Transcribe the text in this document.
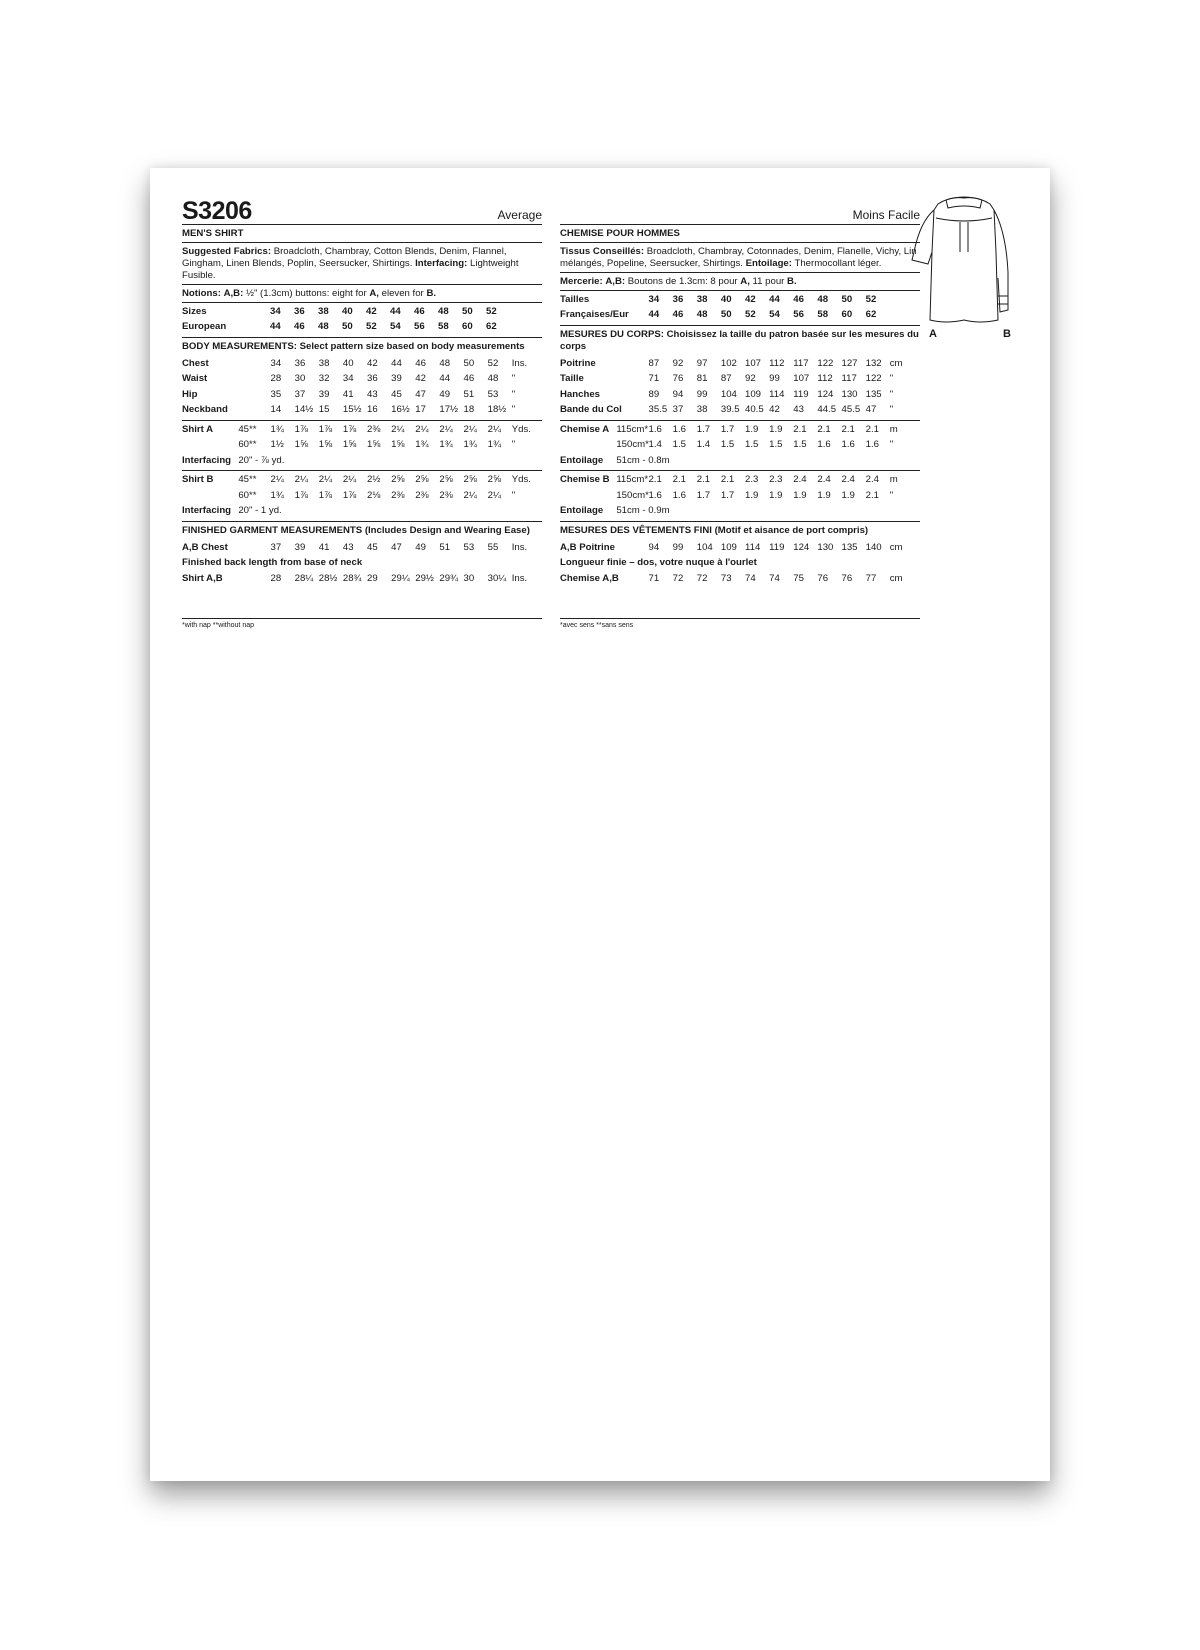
S3206	Average
MEN'S SHIRT
Suggested Fabrics: Broadcloth, Chambray, Cotton Blends, Denim, Flannel, Gingham, Linen Blends, Poplin, Seersucker, Shirtings. Interfacing: Lightweight Fusible.
Notions: A,B: ½" (1.3cm) buttons: eight for A, eleven for B.
Sizes		34	36	38	40	42	44	46	48	50	52	
European		44	46	48	50	52	54	56	58	60	62	
BODY MEASUREMENTS: Select pattern size based on body measurements
Chest		34	36	38	40	42	44	46	48	50	52	Ins.
Waist		28	30	32	34	36	39	42	44	46	48	"
Hip		35	37	39	41	43	45	47	49	51	53	"
Neckband		14	14½	15	15½	16	16½	17	17½	18	18½	"
Shirt A	45**	1¾	1⅞	1⅞	1⅞	2⅜	2¼	2¼	2¼	2¼	2¼	Yds.
	60**	1½	1⅝	1⅝	1⅝	1⅝	1⅝	1¾	1¾	1¾	1¾	"
Interfacing	20" - ⅞ yd.											
Shirt B	45**	2¼	2¼	2¼	2¼	2½	2⅝	2⅝	2⅝	2⅝	2⅝	Yds.
	60**	1¾	1⅞	1⅞	1⅞	2⅛	2⅜	2⅜	2⅜	2¼	2¼	"
Interfacing	20" - 1 yd.											
FINISHED GARMENT MEASUREMENTS (Includes Design and Wearing Ease)
A,B Chest		37	39	41	43	45	47	49	51	53	55	Ins.
Finished back length from base of neck												
Shirt A,B		28	28¼	28½	28¾	29	29¼	29½	29¾	30	30¼	Ins.
*with nap **without nap
Moins Facile
CHEMISE POUR HOMMES
Tissus Conseillés: Broadcloth, Chambray, Cotonnades, Denim, Flanelle, Vichy, Lin mélangés, Popeline, Seersucker, Shirtings. Entoilage: Thermocollant léger.
Mercerie: A,B: Boutons de 1.3cm: 8 pour A, 11 pour B.
Tailles		34	36	38	40	42	44	46	48	50	52	
Françaises/Eur		44	46	48	50	52	54	56	58	60	62	
MESURES DU CORPS: Choisissez la taille du patron basée sur les mesures du corps
Poitrine		87	92	97	102	107	112	117	122	127	132	cm
Taille		71	76	81	87	92	99	107	112	117	122	"
Hanches		89	94	99	104	109	114	119	124	130	135	"
Bande du Col		35.5	37	38	39.5	40.5	42	43	44.5	45.5	47	"
Chemise A	115cm*	1.6	1.6	1.7	1.7	1.9	1.9	2.1	2.1	2.1	2.1	m
	150cm*	1.4	1.5	1.4	1.5	1.5	1.5	1.5	1.6	1.6	1.6	"
Entoilage	51cm - 0.8m											
Chemise B	115cm*	2.1	2.1	2.1	2.1	2.3	2.3	2.4	2.4	2.4	2.4	m
	150cm*	1.6	1.6	1.7	1.7	1.9	1.9	1.9	1.9	1.9	2.1	"
Entoilage	51cm - 0.9m											
MESURES DES VÊTEMENTS FINI (Motif et aisance de port compris)
A,B Poitrine		94	99	104	109	114	119	124	130	135	140	cm
Longueur finie – dos, votre nuque à l'ourlet												
Chemise A,B		71	72	72	73	74	74	75	76	76	77	cm
*avec sens **sans sens
A	B
